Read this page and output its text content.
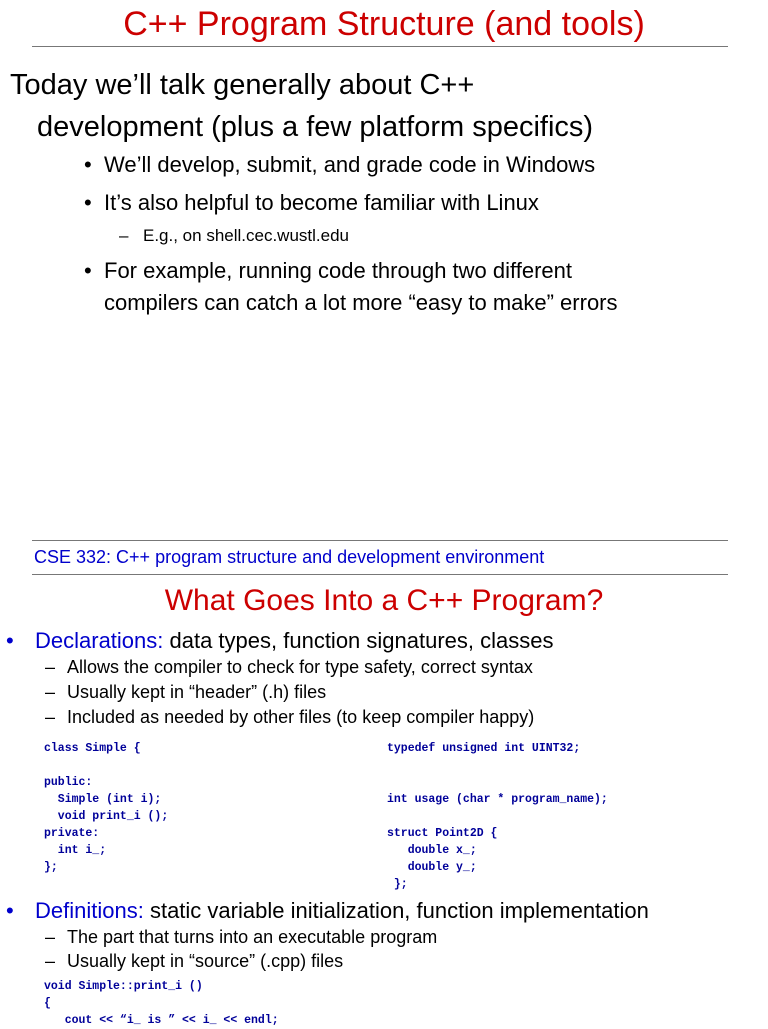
C++ Program Structure (and tools)
Today we’ll talk generally about C++
development (plus a few platform specifics)
• We’ll develop, submit, and grade code in Windows
• It’s also helpful to become familiar with Linux
– E.g., on shell.cec.wustl.edu
• For example, running code through two different
compilers can catch a lot more “easy to make” errors
CSE 332: C++ program structure and development environment
What Goes Into a C++ Program?
• Declarations: data types, function signatures, classes
– Allows the compiler to check for type safety, correct syntax
– Usually kept in “header” (.h) files
– Included as needed by other files (to keep compiler happy)
class Simple {

public:
Simple (int i);
void print_i ();
private:
int i_;
};
typedef unsigned int UINT32;

int usage (char * program_name);

struct Point2D {
double x_;
double y_;
};
• Definitions: static variable initialization, function implementation
– The part that turns into an executable program
– Usually kept in “source” (.cpp) files
void Simple::print_i ()
{
cout << “i_ is ” << i_ << endl;
